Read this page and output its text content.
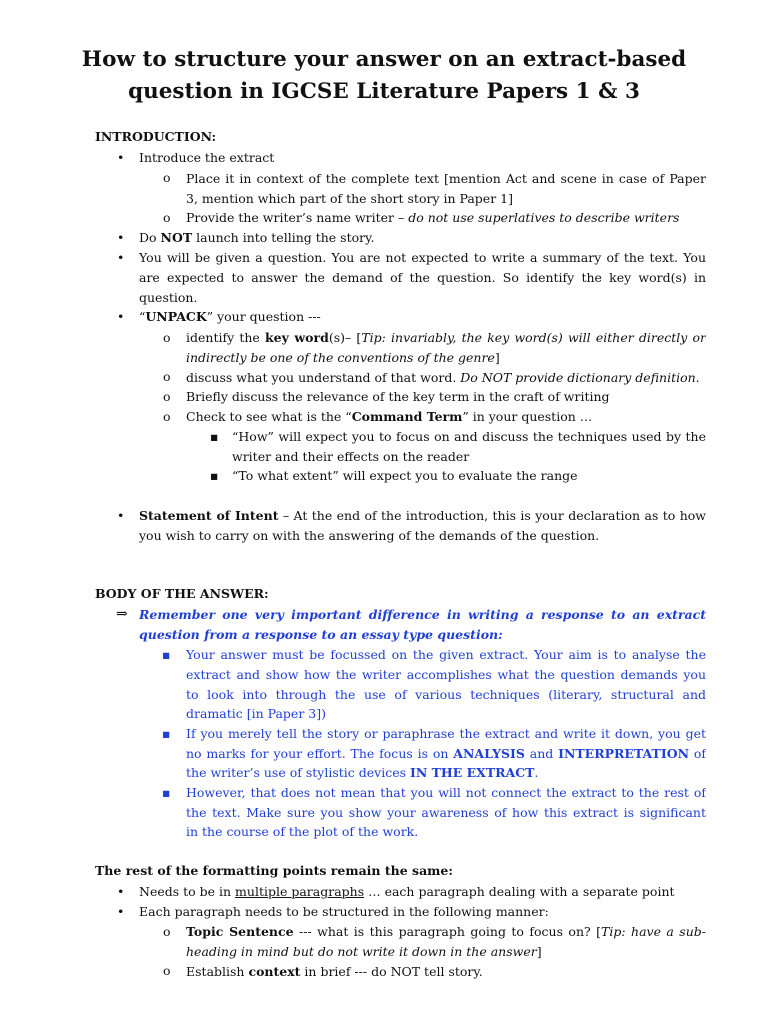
How to structure your answer on an extract-based
question in IGCSE Literature Papers 1 & 3
INTRODUCTION:
• Introduce the extract
o Place it in context of the complete text [mention Act and scene in case of Paper
3, mention which part of the short story in Paper 1]
o Provide the writer’s name writer – do not use superlatives to describe writers
• Do NOT launch into telling the story.
• You will be given a question. You are not expected to write a summary of the text. You
are expected to answer the demand of the question. So identify the key word(s) in
question.
• “UNPACK” your question ---
o identify the key word(s)– [Tip: invariably, the key word(s) will either directly or
indirectly be one of the conventions of the genre]
o discuss what you understand of that word. Do NOT provide dictionary definition.
o Briefly discuss the relevance of the key term in the craft of writing
o Check to see what is the “Command Term” in your question …
▪ “How” will expect you to focus on and discuss the techniques used by the
writer and their effects on the reader
▪ “To what extent” will expect you to evaluate the range
• Statement of Intent – At the end of the introduction, this is your declaration as to how
you wish to carry on with the answering of the demands of the question.
BODY OF THE ANSWER:
⇒ Remember one very important difference in writing a response to an extract
question from a response to an essay type question:
▪ Your answer must be focussed on the given extract. Your aim is to analyse the
extract and show how the writer accomplishes what the question demands you
to look into through the use of various techniques (literary, structural and
dramatic [in Paper 3])
▪ If you merely tell the story or paraphrase the extract and write it down, you get
no marks for your effort. The focus is on ANALYSIS and INTERPRETATION of
the writer’s use of stylistic devices IN THE EXTRACT.
▪ However, that does not mean that you will not connect the extract to the rest of
the text. Make sure you show your awareness of how this extract is significant
in the course of the plot of the work.
The rest of the formatting points remain the same:
• Needs to be in multiple paragraphs … each paragraph dealing with a separate point
• Each paragraph needs to be structured in the following manner:
o Topic Sentence --- what is this paragraph going to focus on? [Tip: have a sub-
heading in mind but do not write it down in the answer]
o Establish context in brief --- do NOT tell story.
